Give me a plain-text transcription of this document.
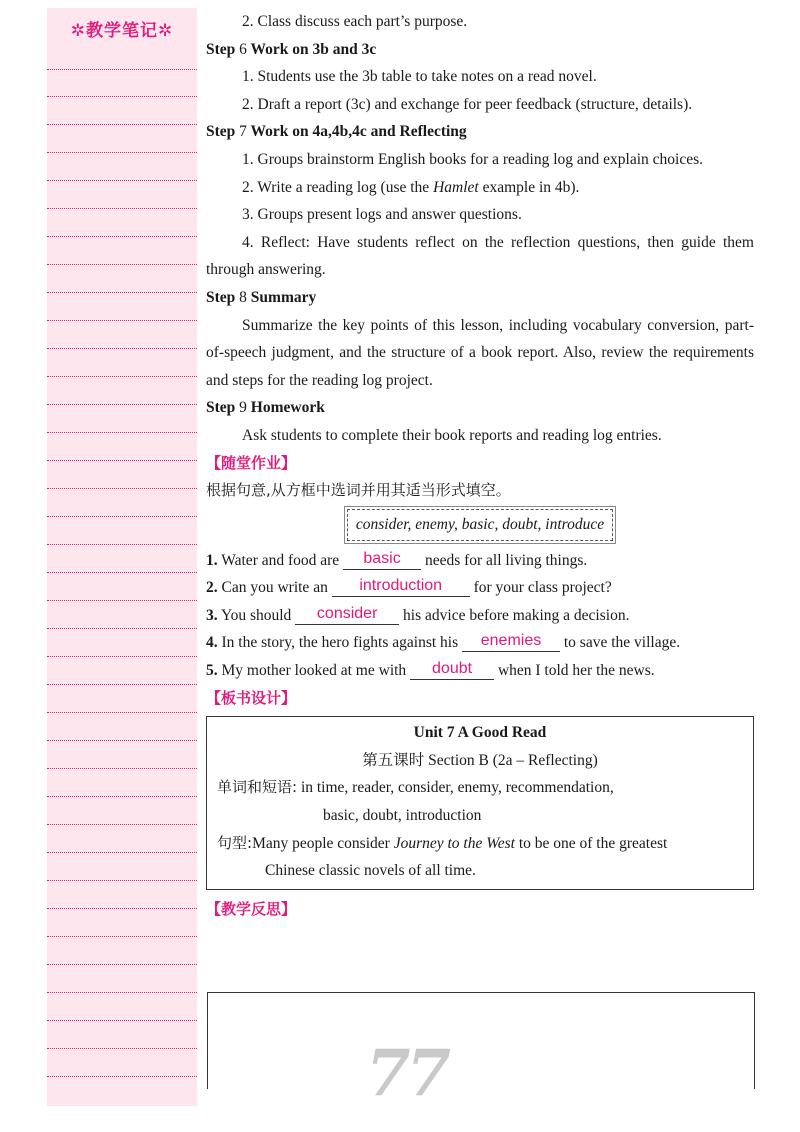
✲教学笔记✲	2. Class discuss each part’s purpose.

Step 6 Work on 3b and 3c

1. Students use the 3b table to take notes on a read novel.

2. Draft a report (3c) and exchange for peer feedback (structure, details).

Step 7 Work on 4a,4b,4c and Reflecting

1. Groups brainstorm English books for a reading log and explain choices.

2. Write a reading log (use the Hamlet example in 4b).

3. Groups present logs and answer questions.

4. Reflect: Have students reflect on the reflection questions, then guide them through answering.

Step 8 Summary

Summarize the key points of this lesson, including vocabulary conversion, part-of-speech judgment, and the structure of a book report. Also, review the requirements and steps for the reading log project.

Step 9 Homework

Ask students to complete their book reports and reading log entries.

【随堂作业】

根据句意,从方框中选词并用其适当形式填空。

consider, enemy, basic, doubt, introduce

1. Water and food are basic needs for all living things.

2. Can you write an introduction for your class project?

3. You should consider his advice before making a decision.

4. In the story, the hero fights against his enemies to save the village.

5. My mother looked at me with doubt when I told her the news.

【板书设计】

Unit 7 A Good Read
第五课时 Section B (2a – Reflecting)
单词和短语: in time, reader, consider, enemy, recommendation,
basic, doubt, introduction
句型:Many people consider Journey to the West to be one of the greatest
Chinese classic novels of all time.

【教学反思】

77
